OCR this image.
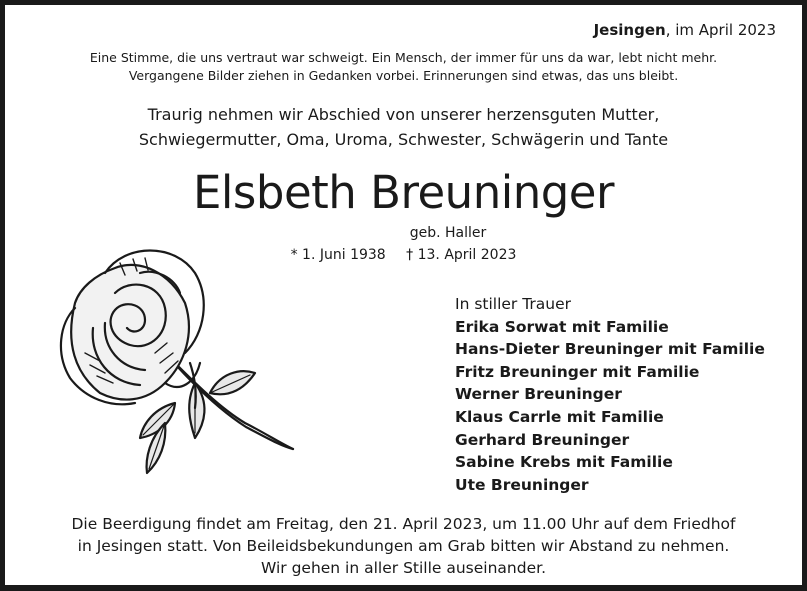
Jesingen, im April 2023
Eine Stimme, die uns vertraut war schweigt. Ein Mensch, der immer für uns da war, lebt nicht mehr.
Vergangene Bilder ziehen in Gedanken vorbei. Erinnerungen sind etwas, das uns bleibt.
Traurig nehmen wir Abschied von unserer herzensguten Mutter,
Schwiegermutter, Oma, Uroma, Schwester, Schwägerin und Tante
Elsbeth Breuninger
geb. Haller
* 1. Juni 1938 † 13. April 2023
In stiller Trauer
Erika Sorwat mit Familie
Hans-Dieter Breuninger mit Familie
Fritz Breuninger mit Familie
Werner Breuninger
Klaus Carrle mit Familie
Gerhard Breuninger
Sabine Krebs mit Familie
Ute Breuninger
Die Beerdigung findet am Freitag, den 21. April 2023, um 11.00 Uhr auf dem Friedhof
in Jesingen statt. Von Beileidsbekundungen am Grab bitten wir Abstand zu nehmen.
Wir gehen in aller Stille auseinander.
